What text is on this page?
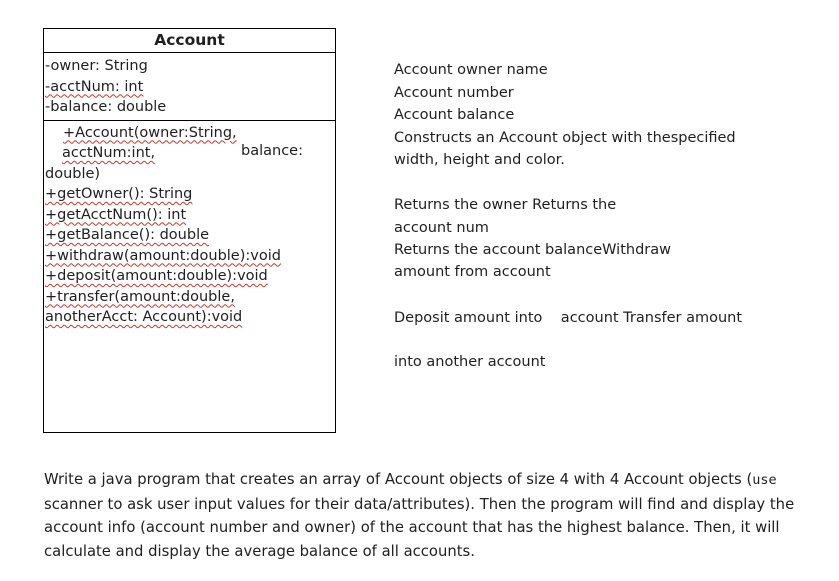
Account
-owner: String
-acctNum: int
-balance: double
+Account(owner:String,
acctNum:int,	balance:
double)
+getOwner(): String
+getAcctNum(): int
+getBalance(): double
+withdraw(amount:double):void
+deposit(amount:double):void
+transfer(amount:double,
anotherAcct: Account):void
Account owner name
Account number
Account balance
Constructs an Account object with thespecified
width, height and color.
Returns the owner Returns the
account num
Returns the account balanceWithdraw
amount from account
Deposit amount into    account Transfer amount
into another account
Write a java program that creates an array of Account objects of size 4 with 4 Account objects (use scanner to ask user input values for their data/attributes). Then the program will find and display the account info (account number and owner) of the account that has the highest balance. Then, it will calculate and display the average balance of all accounts.
